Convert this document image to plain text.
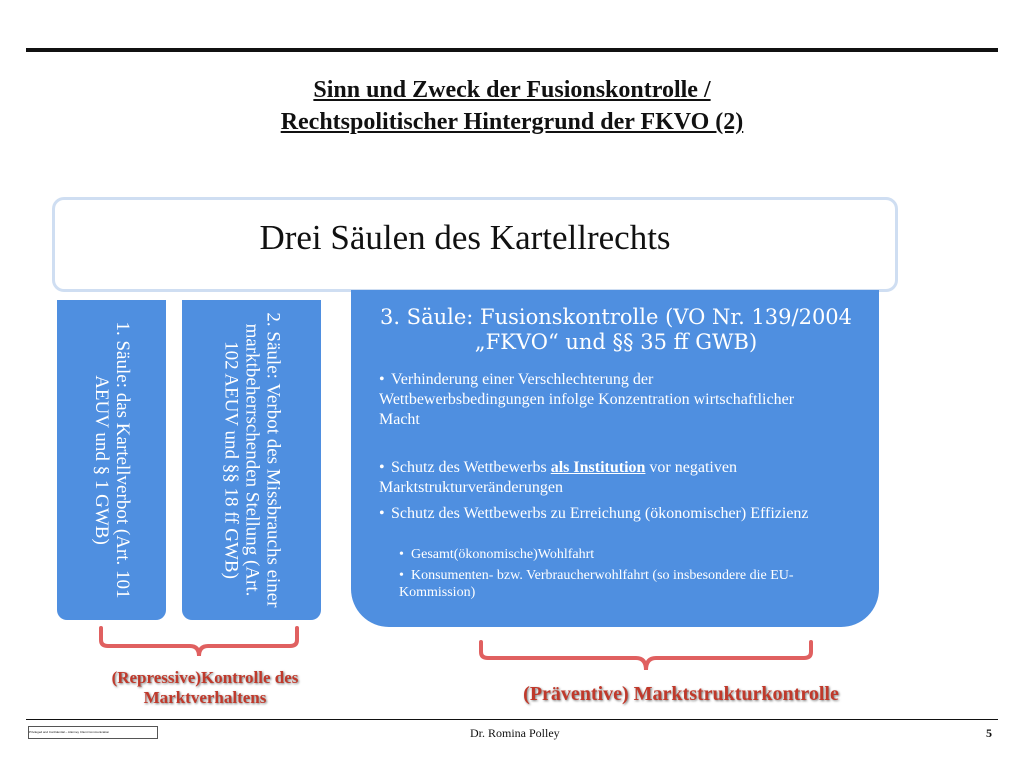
Sinn und Zweck der Fusionskontrolle /
Rechtspolitischer Hintergrund der FKVO (2)
Drei Säulen des Kartellrechts
1. Säule: das Kartellverbot (Art. 101 AEUV und § 1 GWB)	2. Säule: Verbot des Missbrauchs einer marktbeherrschenden Stellung (Art. 102 AEUV und §§ 18 ff GWB)
3. Säule: Fusionskontrolle (VO Nr. 139/2004
„FKVO“ und §§ 35 ff GWB)
• Verhinderung einer Verschlechterung der Wettbewerbsbedingungen infolge Konzentration wirtschaftlicher Macht
• Schutz des Wettbewerbs als Institution vor negativen Marktstrukturveränderungen
• Schutz des Wettbewerbs zu Erreichung (ökonomischer) Effizienz
• Gesamt(ökonomische)Wohlfahrt
• Konsumenten- bzw. Verbraucherwohlfahrt (so insbesondere die EU-Kommission)
(Repressive)Kontrolle des Marktverhaltens	(Präventive) Marktstrukturkontrolle
Privileged and Confidential – Attorney Client Communication	Dr. Romina Polley	5
